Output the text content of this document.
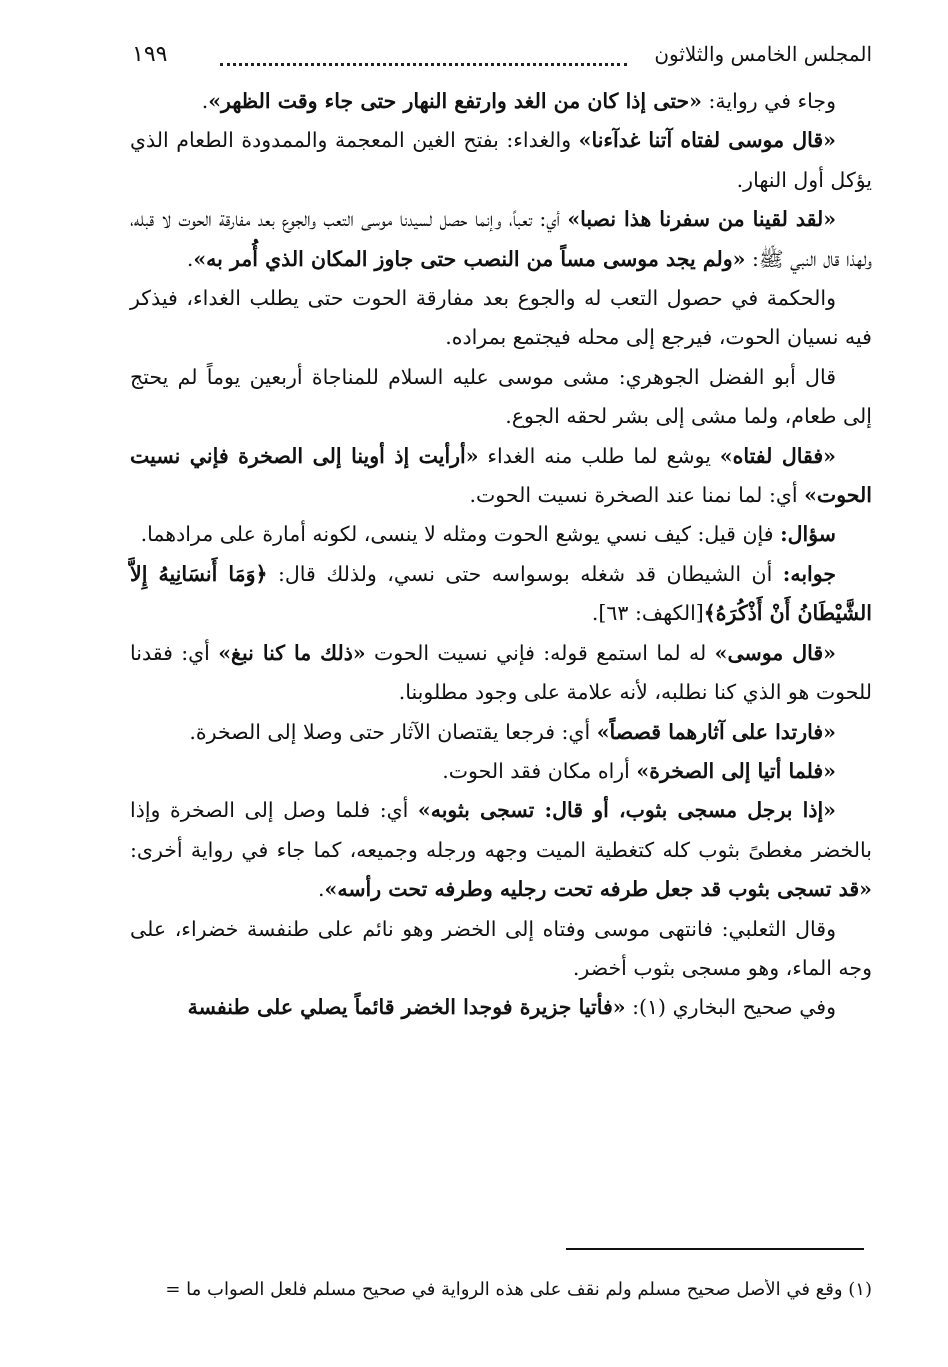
المجلس الخامس والثلاثون
١٩٩

وجاء في رواية: «حتى إذا كان من الغد وارتفع النهار حتى جاء وقت الظهر».

«قال موسى لفتاه آتنا غدآءنا» والغداء: بفتح الغين المعجمة والممدودة الطعام الذي يؤكل أول النهار.

«لقد لقينا من سفرنا هذا نصبا» أي: تعباً، وإنما حصل لسيدنا موسى التعب والجوع بعد مفارقة الحوت لا قبله، ولهذا قال النبي ﷺ: «ولم يجد موسى مساً من النصب حتى جاوز المكان الذي أُمر به».

والحكمة في حصول التعب له والجوع بعد مفارقة الحوت حتى يطلب الغداء، فيذكر فيه نسيان الحوت، فيرجع إلى محله فيجتمع بمراده.

قال أبو الفضل الجوهري: مشى موسى عليه السلام للمناجاة أربعين يوماً لم يحتج إلى طعام، ولما مشى إلى بشر لحقه الجوع.

«فقال لفتاه» يوشع لما طلب منه الغداء «أرأيت إذ أوينا إلى الصخرة فإني نسيت الحوت» أي: لما نمنا عند الصخرة نسيت الحوت.

سؤال: فإن قيل: كيف نسي يوشع الحوت ومثله لا ينسى، لكونه أمارة على مرادهما.

جوابه: أن الشيطان قد شغله بوسواسه حتى نسي، ولذلك قال: ﴿وَمَا أَنسَانِيهُ إِلاَّ الشَّيْطَانُ أَنْ أَذْكُرَهُ﴾[الكهف: ٦٣].

«قال موسى» له لما استمع قوله: فإني نسيت الحوت «ذلك ما كنا نبغ» أي: فقدنا للحوت هو الذي كنا نطلبه، لأنه علامة على وجود مطلوبنا.

«فارتدا على آثارهما قصصاً» أي: فرجعا يقتصان الآثار حتى وصلا إلى الصخرة.

«فلما أتيا إلى الصخرة» أراه مكان فقد الحوت.

«إذا برجل مسجى بثوب، أو قال: تسجى بثوبه» أي: فلما وصل إلى الصخرة وإذا بالخضر مغطىً بثوب كله كتغطية الميت وجهه ورجله وجميعه، كما جاء في رواية أخرى: «قد تسجى بثوب قد جعل طرفه تحت رجليه وطرفه تحت رأسه».

وقال الثعلبي: فانتهى موسى وفتاه إلى الخضر وهو نائم على طنفسة خضراء، على وجه الماء، وهو مسجى بثوب أخضر.

وفي صحيح البخاري (١): «فأتيا جزيرة فوجدا الخضر قائماً يصلي على طنفسة

(١) وقع في الأصل صحيح مسلم ولم نقف على هذه الرواية في صحيح مسلم فلعل الصواب ما =
